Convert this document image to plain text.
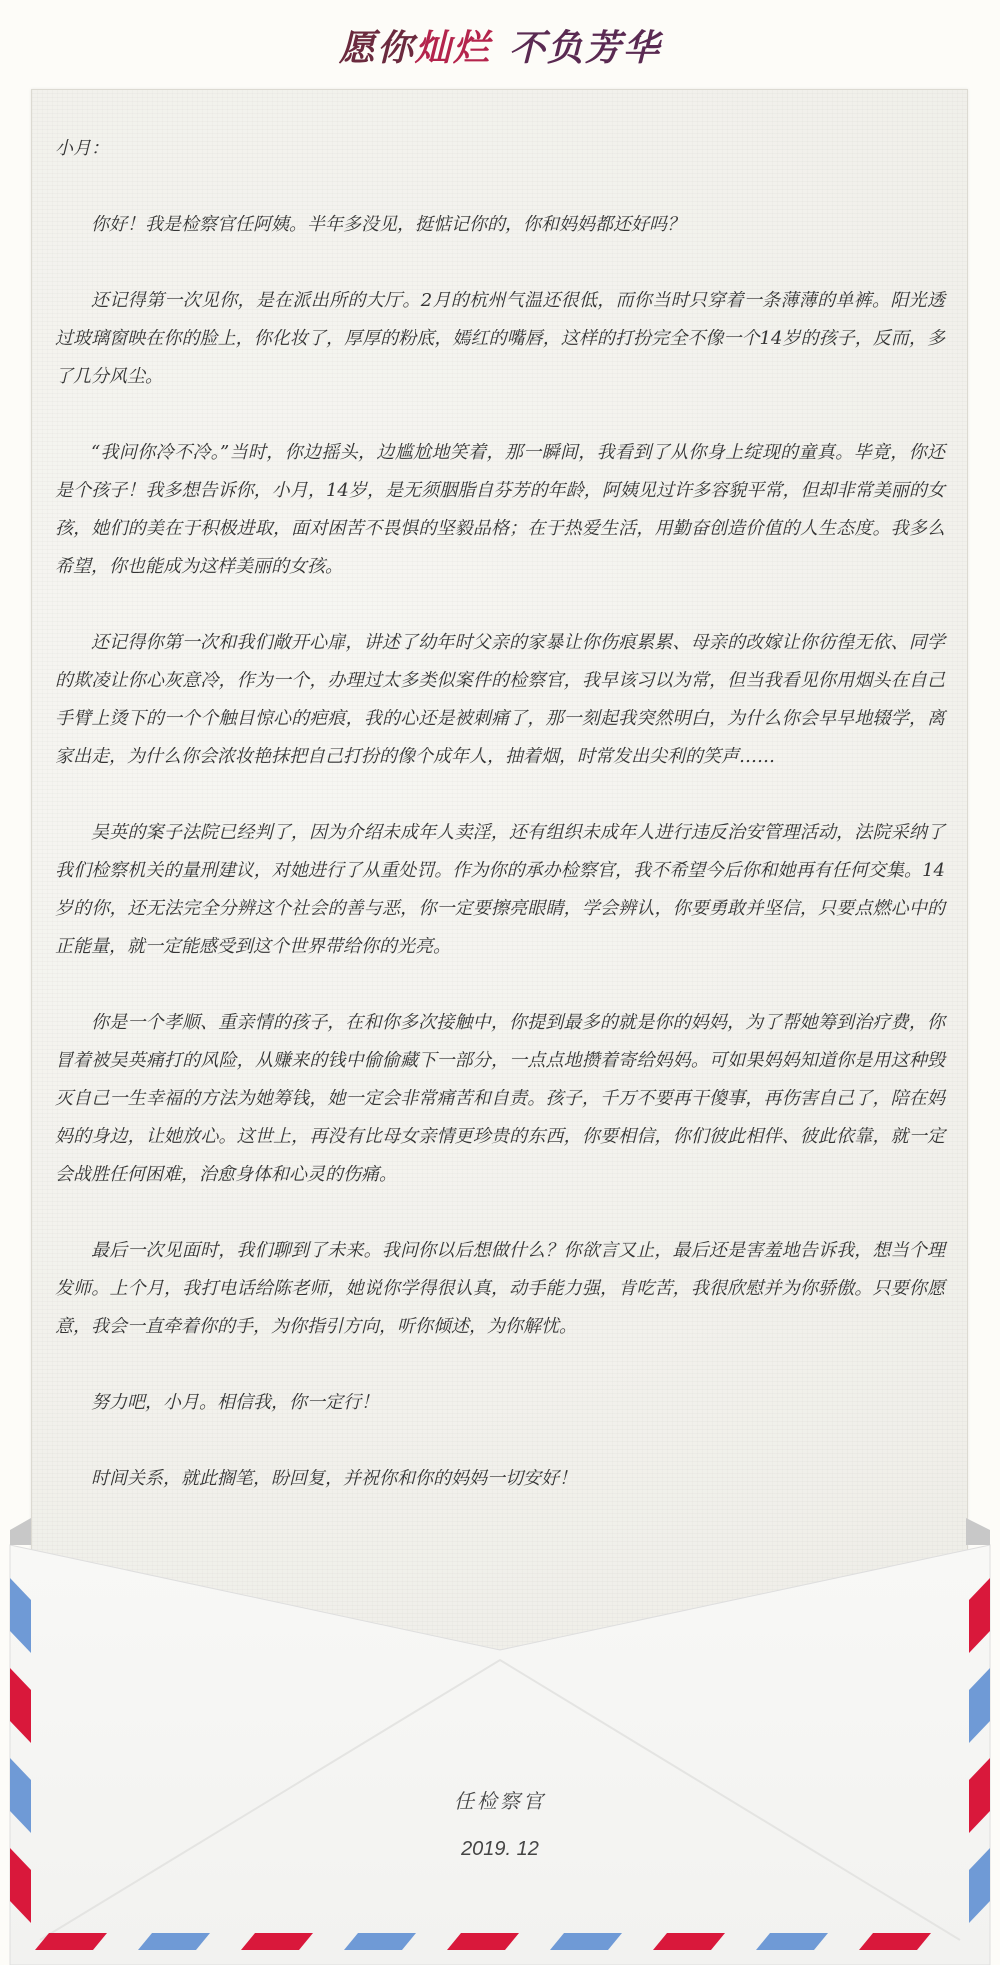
愿你灿烂 不负芳华

小月：

你好！我是检察官任阿姨。半年多没见，挺惦记你的，你和妈妈都还好吗？

还记得第一次见你，是在派出所的大厅。2月的杭州气温还很低，而你当时只穿着一条薄薄的单裤。阳光透过玻璃窗映在你的脸上，你化妆了，厚厚的粉底，嫣红的嘴唇，这样的打扮完全不像一个14岁的孩子，反而，多了几分风尘。

“我问你冷不冷。”当时，你边摇头，边尴尬地笑着，那一瞬间，我看到了从你身上绽现的童真。毕竟，你还是个孩子！我多想告诉你，小月，14岁，是无须胭脂自芬芳的年龄，阿姨见过许多容貌平常，但却非常美丽的女孩，她们的美在于积极进取，面对困苦不畏惧的坚毅品格；在于热爱生活，用勤奋创造价值的人生态度。我多么希望，你也能成为这样美丽的女孩。

还记得你第一次和我们敞开心扉，讲述了幼年时父亲的家暴让你伤痕累累、母亲的改嫁让你彷徨无依、同学的欺凌让你心灰意冷，作为一个，办理过太多类似案件的检察官，我早该习以为常，但当我看见你用烟头在自己手臂上烫下的一个个触目惊心的疤痕，我的心还是被刺痛了，那一刻起我突然明白，为什么你会早早地辍学，离家出走，为什么你会浓妆艳抹把自己打扮的像个成年人，抽着烟，时常发出尖利的笑声……

吴英的案子法院已经判了，因为介绍未成年人卖淫，还有组织未成年人进行违反治安管理活动，法院采纳了我们检察机关的量刑建议，对她进行了从重处罚。作为你的承办检察官，我不希望今后你和她再有任何交集。14岁的你，还无法完全分辨这个社会的善与恶，你一定要擦亮眼睛，学会辨认，你要勇敢并坚信，只要点燃心中的正能量，就一定能感受到这个世界带给你的光亮。

你是一个孝顺、重亲情的孩子，在和你多次接触中，你提到最多的就是你的妈妈，为了帮她筹到治疗费，你冒着被吴英痛打的风险，从赚来的钱中偷偷藏下一部分，一点点地攒着寄给妈妈。可如果妈妈知道你是用这种毁灭自己一生幸福的方法为她筹钱，她一定会非常痛苦和自责。孩子，千万不要再干傻事，再伤害自己了，陪在妈妈的身边，让她放心。这世上，再没有比母女亲情更珍贵的东西，你要相信，你们彼此相伴、彼此依靠，就一定会战胜任何困难，治愈身体和心灵的伤痛。

最后一次见面时，我们聊到了未来。我问你以后想做什么？你欲言又止，最后还是害羞地告诉我，想当个理发师。上个月，我打电话给陈老师，她说你学得很认真，动手能力强，肯吃苦，我很欣慰并为你骄傲。只要你愿意，我会一直牵着你的手，为你指引方向，听你倾述，为你解忧。

努力吧，小月。相信我，你一定行！

时间关系，就此搁笔，盼回复，并祝你和你的妈妈一切安好！

任检察官
2019. 12
